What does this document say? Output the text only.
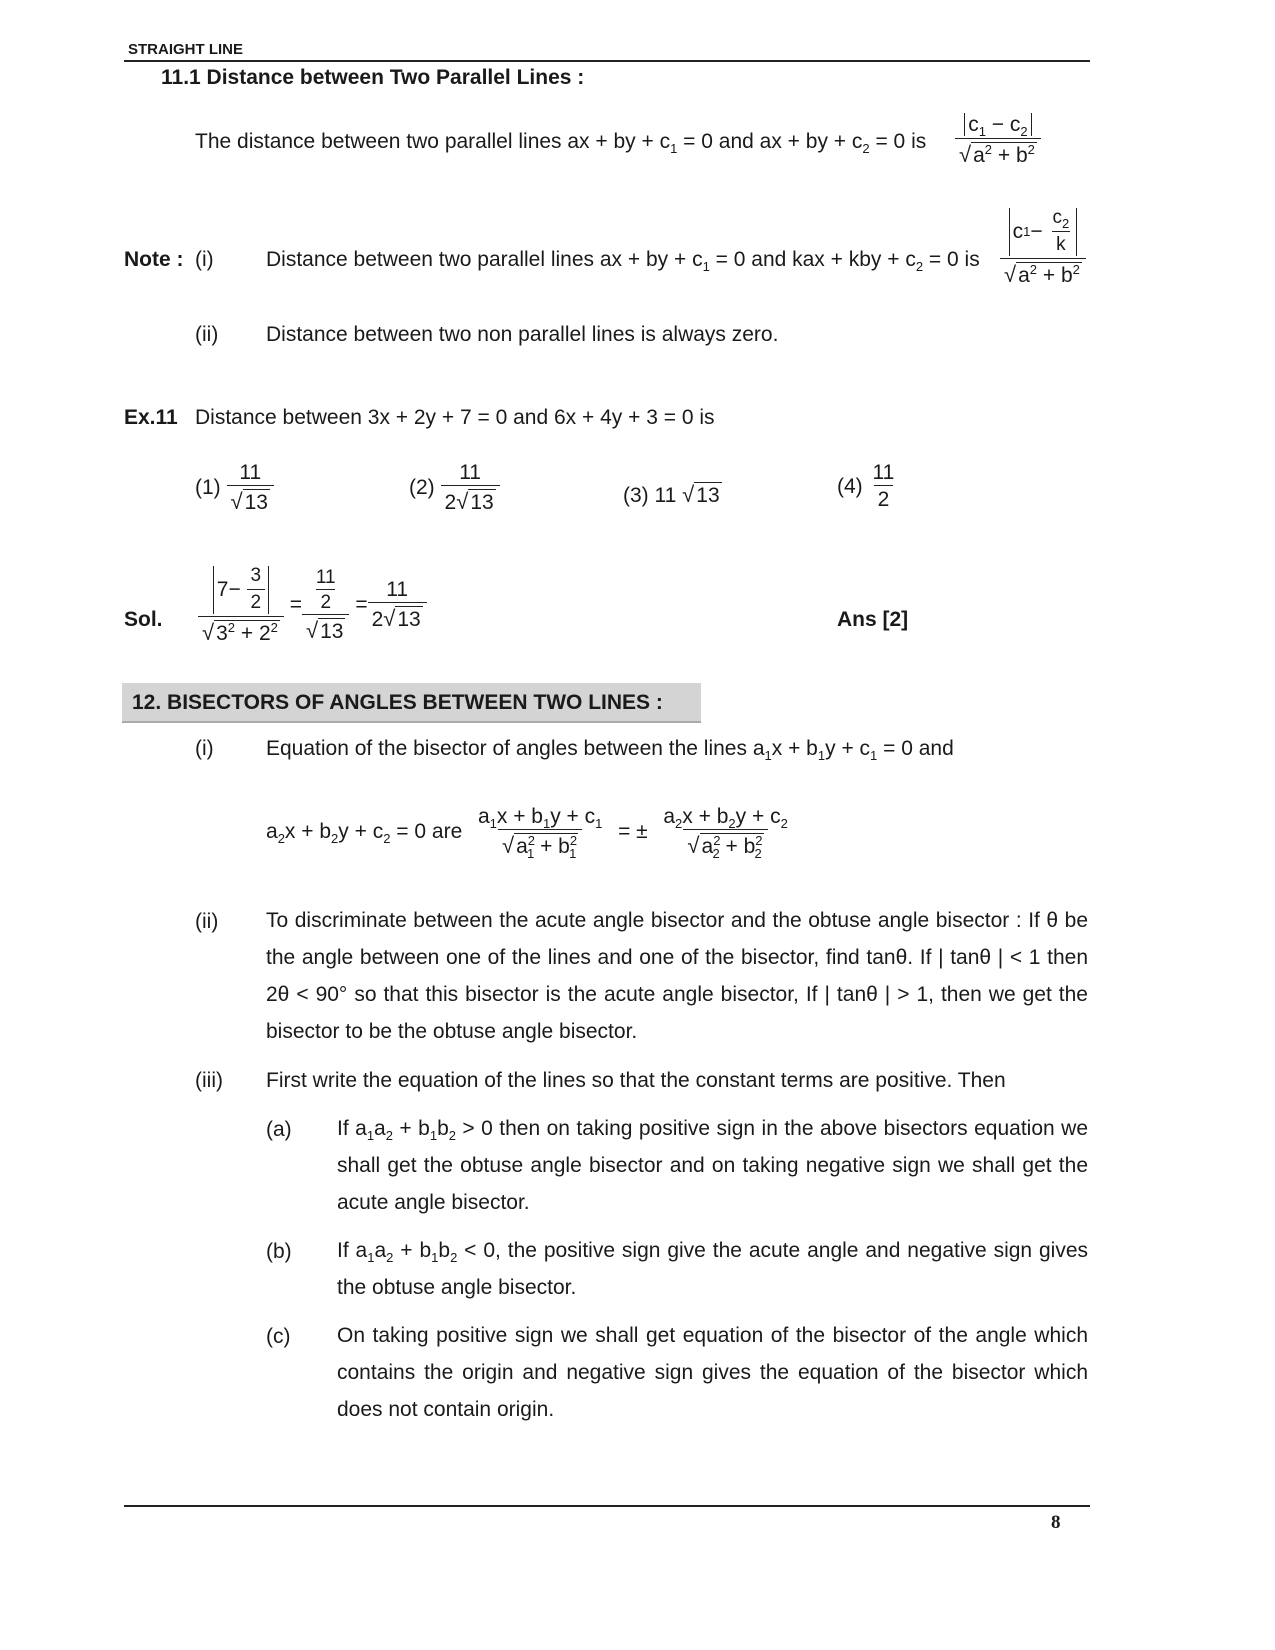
STRAIGHT LINE
11.1 Distance between Two Parallel Lines :
The distance between two parallel lines ax + by + $c_1 = 0$ and ax + by + $c_2 = 0$ is $\frac{c_1 - c_2}{√ a^2 + b^2}$
Note : (i) Distance between two parallel lines ax + by + $c_1 = 0$ and kax + kby + $c_2 = 0$ is c 1 −
$\frac{c_2}{k}$
√ $a^2 + b^2$
(ii) Distance between two non parallel lines is always zero.
Ex.11 Distance between 3x + 2y + 7 = 0 and 6x + 4y + 3 = 0 is
(1)
$\frac{11}{√ 13}$	(2)
$\frac{11}{2 √ 13}$	(3) 11
√ 13	(4)
$\frac{11}{2}$
Sol. 7 −
$\frac{3}{2}$
√ $3^2 + 2^2$
= $\frac{\frac{11}{2}}{√ 13}$
= $\frac{11}{2 √ 13}$	Ans [2]
12. BISECTORS OF ANGLES BETWEEN TWO LINES :
(i) Equation of the bisector of angles between the lines $a_1x + b_1y + c_1 = 0$ and
$a_2x + b_2y + c_2 = 0$ are
$\frac{a_1x + b_1y + c_1}{√ a^2_1 + b^2_1}$
= ±
$\frac{a_2x + b_2y + c_2}{√ a^2_2 + b^2_2}$
(ii) To discriminate between the acute angle bisector and the obtuse angle bisector : If θ be the angle between one of the lines and one of the bisector, find tanθ. If | tanθ | < 1 then 2θ < 90° so that this bisector is the acute angle bisector, If | tanθ | > 1, then we get the bisector to be the obtuse angle bisector.
(iii) First write the equation of the lines so that the constant terms are positive. Then
(a) If $a_1a_2 + b_1b_2 > 0$ then on taking positive sign in the above bisectors equation we shall get the obtuse angle bisector and on taking negative sign we shall get the acute angle bisector.
(b) If $a_1a_2 + b_1b_2 < 0$, the positive sign give the acute angle and negative sign gives the obtuse angle bisector.
(c) On taking positive sign we shall get equation of the bisector of the angle which contains the origin and negative sign gives the equation of the bisector which does not contain origin.
8
